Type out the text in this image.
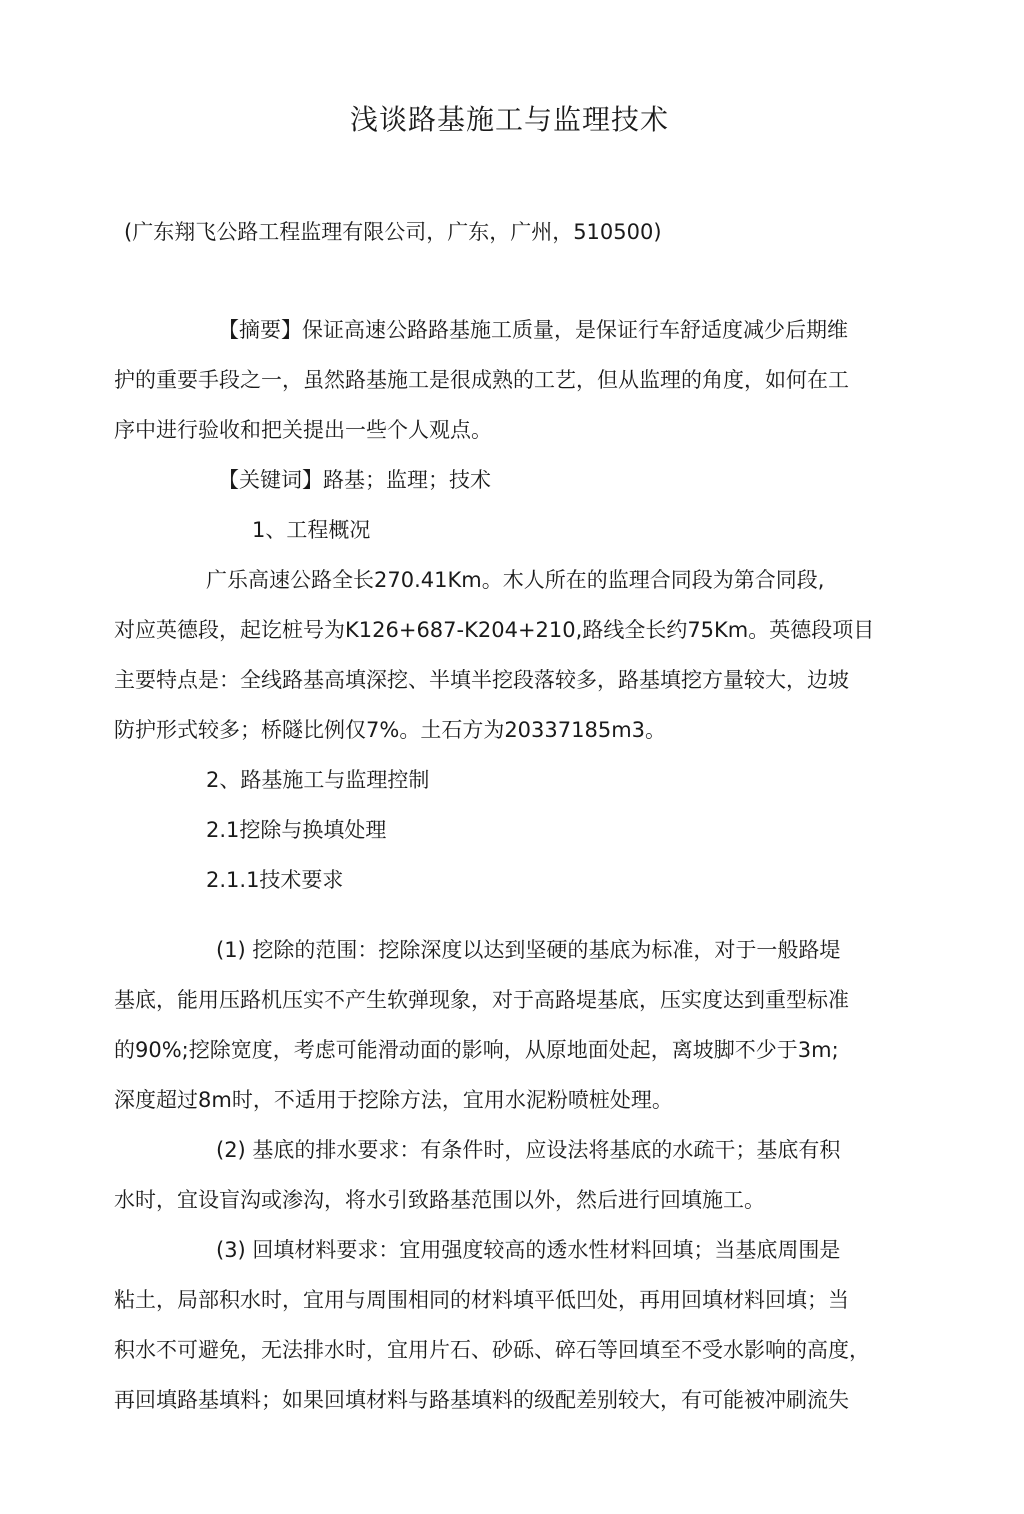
浅谈路基施工与监理技术
(广东翔飞公路工程监理有限公司，广东，广州，510500)
【摘要】保证高速公路路基施工质量，是保证行车舒适度减少后期维
护的重要手段之一，虽然路基施工是很成熟的工艺，但从监理的角度，如何在工
序中进行验收和把关提出一些个人观点。
【关键词】路基；监理；技术
1、工程概况
广乐高速公路全长270.41Km。木人所在的监理合同段为第合同段,
对应英德段，起讫桩号为K126+687-K204+210,路线全长约75Km。英德段项目
主要特点是：全线路基高填深挖、半填半挖段落较多，路基填挖方量较大，边坡
防护形式较多；桥隧比例仅7%。土石方为20337185m3。
2、路基施工与监理控制
2.1挖除与换填处理
2.1.1技术要求
(1) 挖除的范围：挖除深度以达到坚硬的基底为标准，对于一般路堤
基底，能用压路机压实不产生软弹现象，对于高路堤基底，压实度达到重型标准
的90%;挖除宽度，考虑可能滑动面的影响，从原地面处起，离坡脚不少于3m;
深度超过8m时，不适用于挖除方法，宜用水泥粉喷桩处理。
(2) 基底的排水要求：有条件时，应设法将基底的水疏干；基底有积
水时，宜设盲沟或渗沟，将水引致路基范围以外，然后进行回填施工。
(3) 回填材料要求：宜用强度较高的透水性材料回填；当基底周围是
粘土，局部积水时，宜用与周围相同的材料填平低凹处，再用回填材料回填；当
积水不可避免，无法排水时，宜用片石、砂砾、碎石等回填至不受水影响的高度，
再回填路基填料；如果回填材料与路基填料的级配差别较大，有可能被冲刷流失
